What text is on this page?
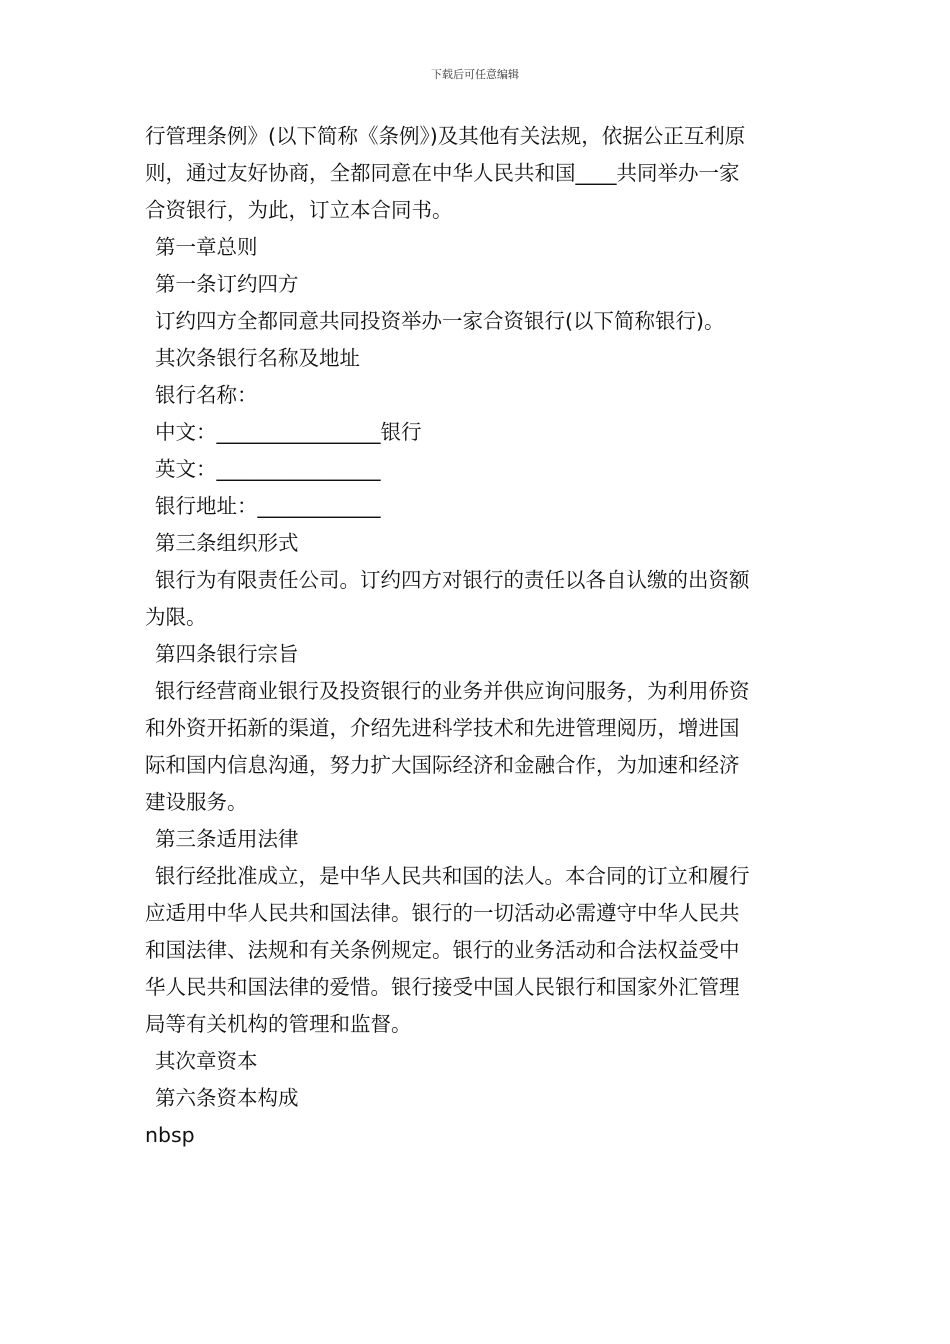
下载后可任意编辑
行管理条例》(以下简称《条例》)及其他有关法规，依据公正互利原
则，通过友好协商，全都同意在中华人民共和国____共同举办一家
合资银行，为此，订立本合同书。
第一章总则
第一条订约四方
订约四方全都同意共同投资举办一家合资银行(以下简称银行)。
其次条银行名称及地址
银行名称：
中文：________________银行
英文：________________
银行地址：____________
第三条组织形式
银行为有限责任公司。订约四方对银行的责任以各自认缴的出资额
为限。
第四条银行宗旨
银行经营商业银行及投资银行的业务并供应询问服务，为利用侨资
和外资开拓新的渠道，介绍先进科学技术和先进管理阅历，增进国
际和国内信息沟通，努力扩大国际经济和金融合作，为加速和经济
建设服务。
第三条适用法律
银行经批准成立，是中华人民共和国的法人。本合同的订立和履行
应适用中华人民共和国法律。银行的一切活动必需遵守中华人民共
和国法律、法规和有关条例规定。银行的业务活动和合法权益受中
华人民共和国法律的爱惜。银行接受中国人民银行和国家外汇管理
局等有关机构的管理和监督。
其次章资本
第六条资本构成
nbsp
